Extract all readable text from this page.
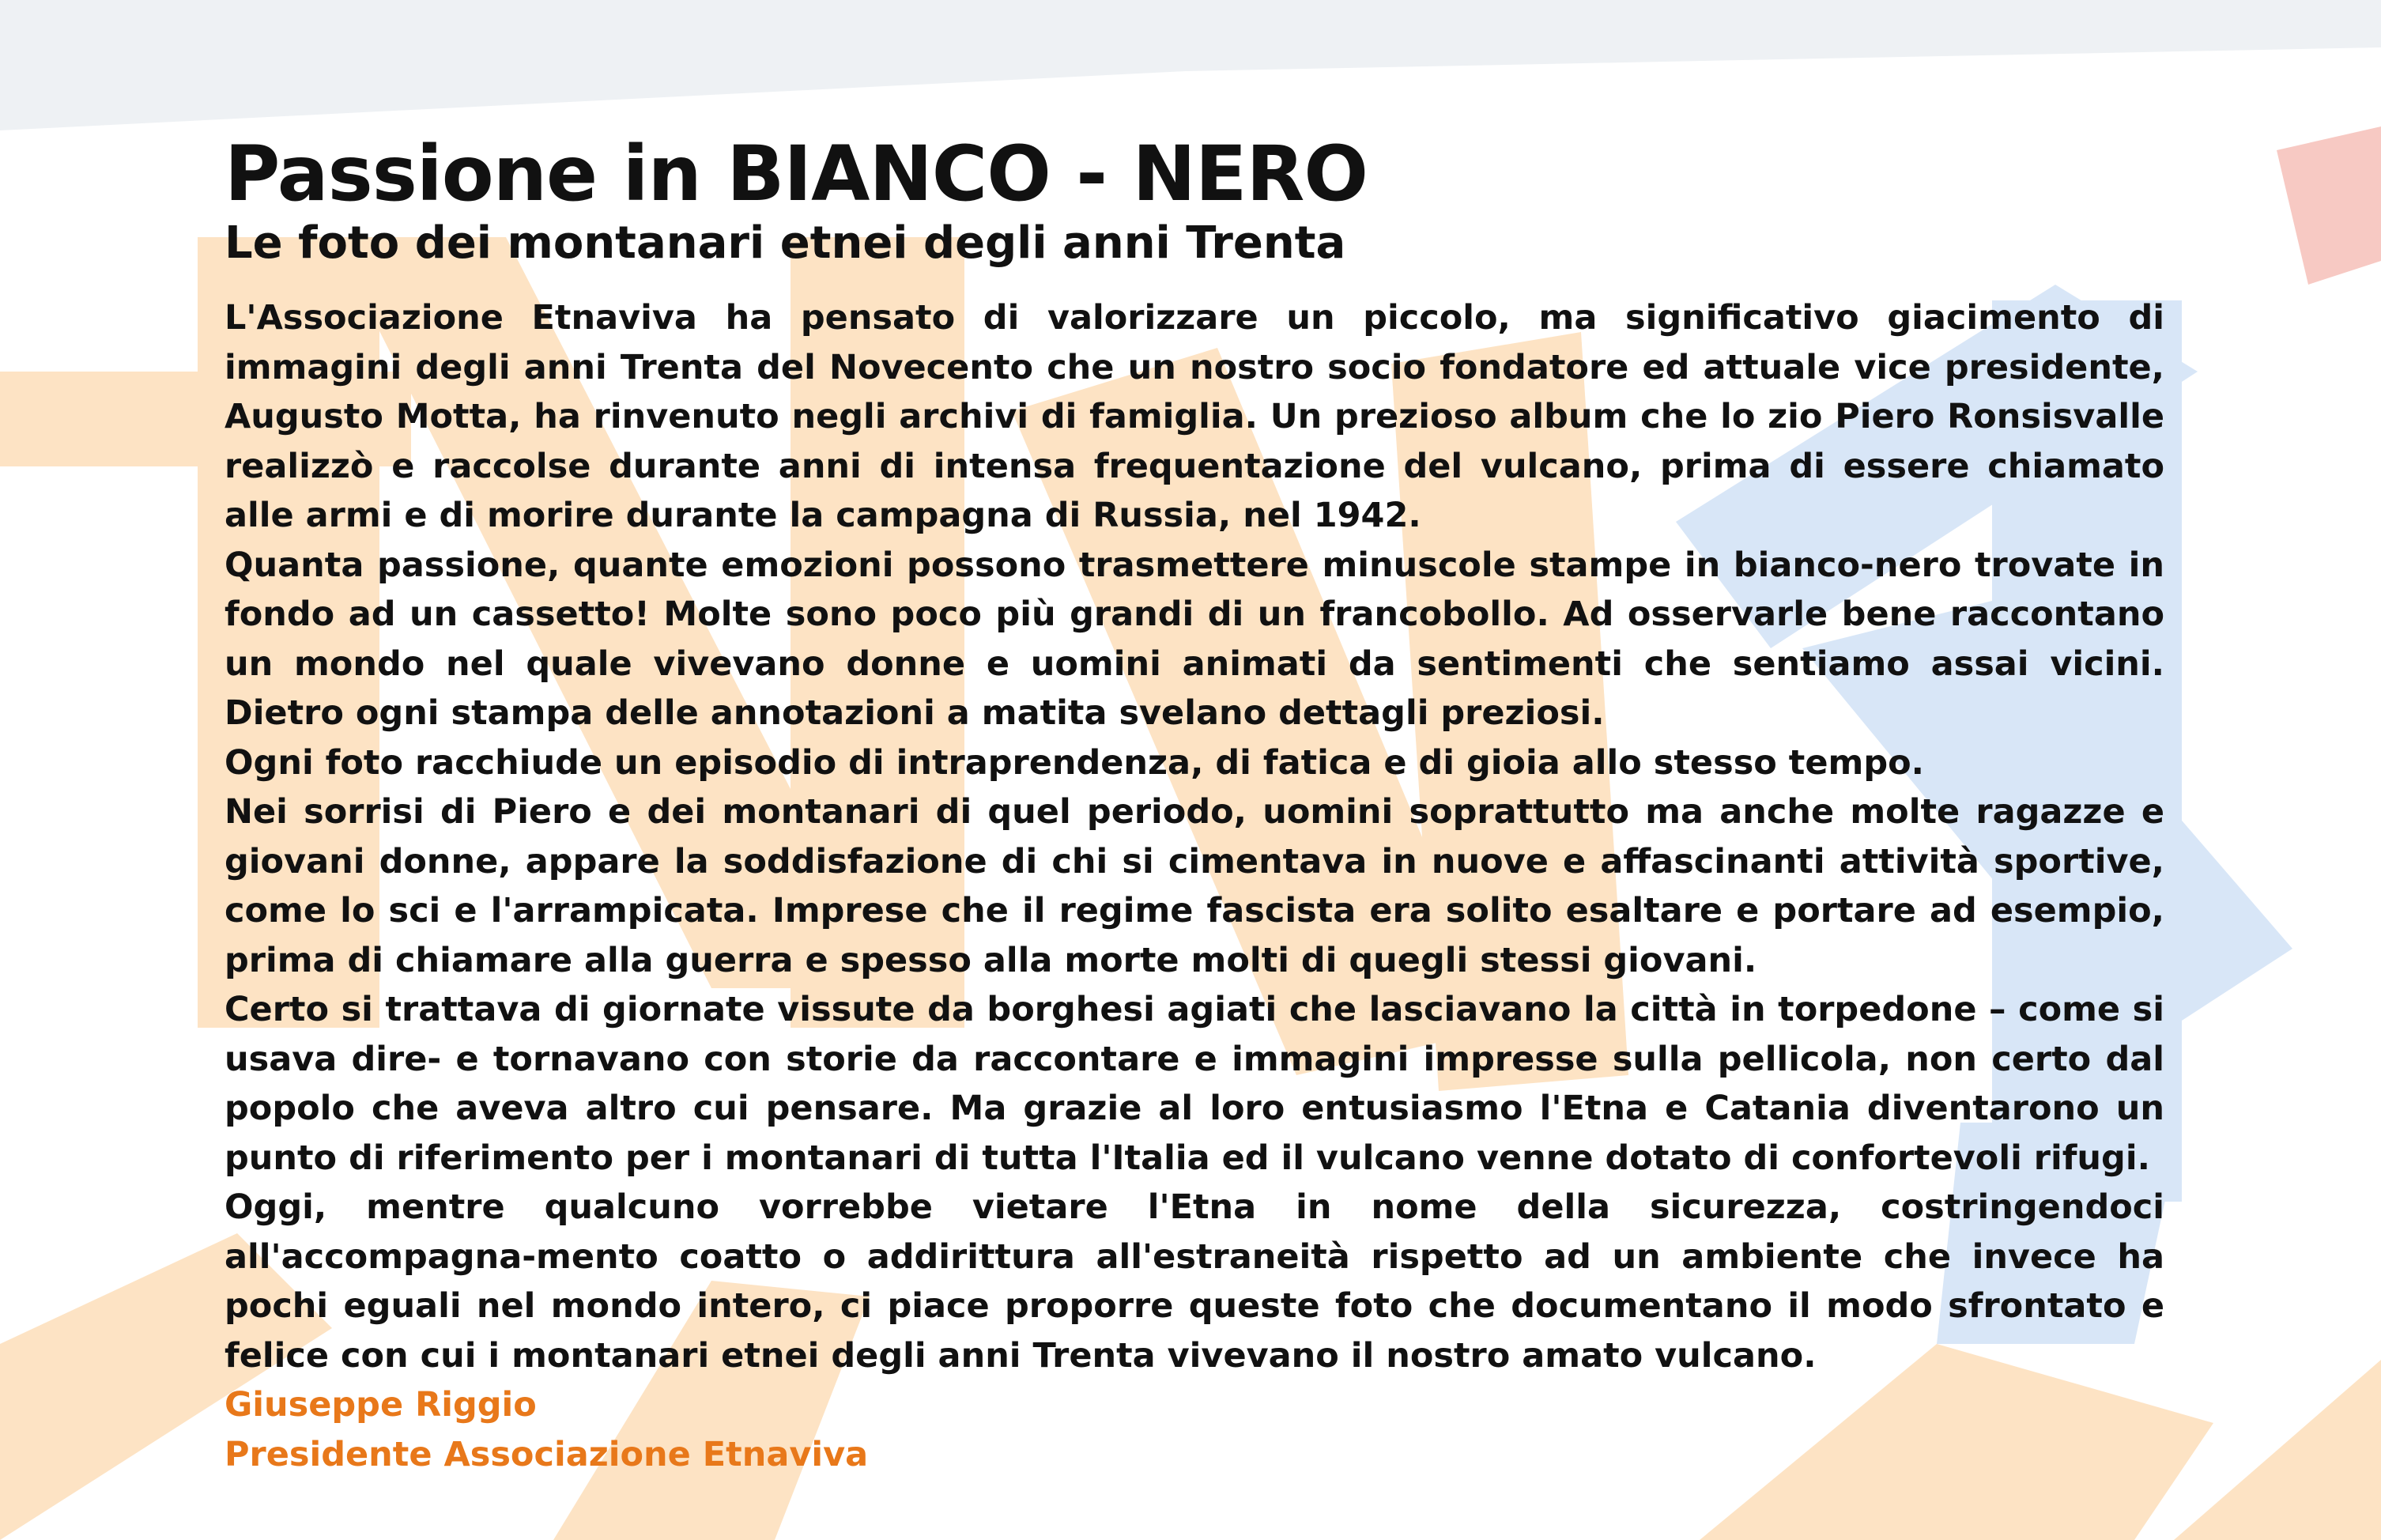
Passione in BIANCO - NERO
Le foto dei montanari etnei degli anni Trenta

L'Associazione Etnaviva ha pensato di valorizzare un piccolo, ma significativo giacimento di immagini degli anni Trenta del Novecento che un nostro socio fondatore ed attuale vice presidente, Augusto Motta, ha rinvenuto negli archivi di famiglia. Un prezioso album che lo zio Piero Ronsisvalle realizzò e raccolse durante anni di intensa frequentazione del vulcano, prima di essere chiamato alle armi e di morire durante la campagna di Russia, nel 1942.

Quanta passione, quante emozioni possono trasmettere minuscole stampe in bianco-nero trovate in fondo ad un cassetto! Molte sono poco più grandi di un francobollo. Ad osservarle bene raccontano un mondo nel quale vivevano donne e uomini animati da sentimenti che sentiamo assai vicini. Dietro ogni stampa delle annotazioni a matita svelano dettagli preziosi.

Ogni foto racchiude un episodio di intraprendenza, di fatica e di gioia allo stesso tempo.

Nei sorrisi di Piero e dei montanari di quel periodo, uomini soprattutto ma anche molte ragazze e giovani donne, appare la soddisfazione di chi si cimentava in nuove e affascinanti attività sportive, come lo sci e l'arrampicata. Imprese che il regime fascista era solito esaltare e portare ad esempio, prima di chiamare alla guerra e spesso alla morte molti di quegli stessi giovani.

Certo si trattava di giornate vissute da borghesi agiati che lasciavano la città in torpedone – come si usava dire- e tornavano con storie da raccontare e immagini impresse sulla pellicola, non certo dal popolo che aveva altro cui pensare. Ma grazie al loro entusiasmo l'Etna e Catania diventarono un punto di riferimento per i montanari di tutta l'Italia ed il vulcano venne dotato di confortevoli rifugi.

Oggi, mentre qualcuno vorrebbe vietare l'Etna in nome della sicurezza, costringendoci all'accompagna-mento coatto o addirittura all'estraneità rispetto ad un ambiente che invece ha pochi eguali nel mondo intero, ci piace proporre queste foto che documentano il modo sfrontato e felice con cui i montanari etnei degli anni Trenta vivevano il nostro amato vulcano.

Giuseppe Riggio
Presidente Associazione Etnaviva
